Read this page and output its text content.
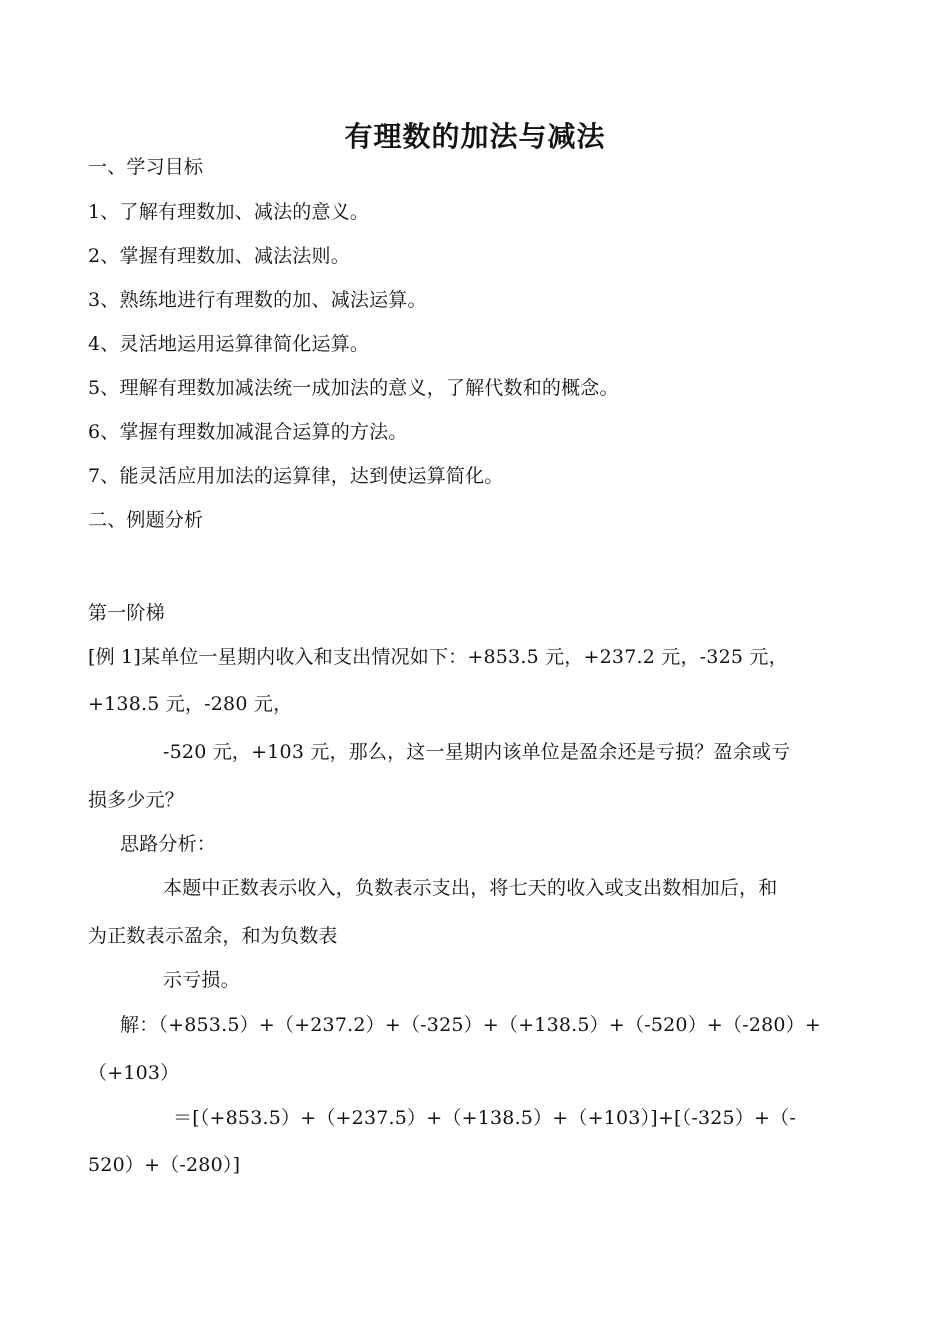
有理数的加法与减法
一、学习目标
1、了解有理数加、减法的意义。
2、掌握有理数加、减法法则。
3、熟练地进行有理数的加、减法运算。
4、灵活地运用运算律简化运算。
5、理解有理数加减法统一成加法的意义，了解代数和的概念。
6、掌握有理数加减混合运算的方法。
7、能灵活应用加法的运算律，达到使运算简化。
二、例题分析
第一阶梯
[例 1]某单位一星期内收入和支出情况如下：+853.5 元，+237.2 元，-325 元，
+138.5 元，-280 元，
-520 元，+103 元，那么，这一星期内该单位是盈余还是亏损？盈余或亏
损多少元？
思路分析：
本题中正数表示收入，负数表示支出，将七天的收入或支出数相加后，和
为正数表示盈余，和为负数表
示亏损。
解：（+853.5）+（+237.2）+（-325）+（+138.5）+（-520）+（-280）+
（+103）
＝[（+853.5）+（+237.5）+（+138.5）+（+103）]+[（-325）+（-
520）+（-280）]
